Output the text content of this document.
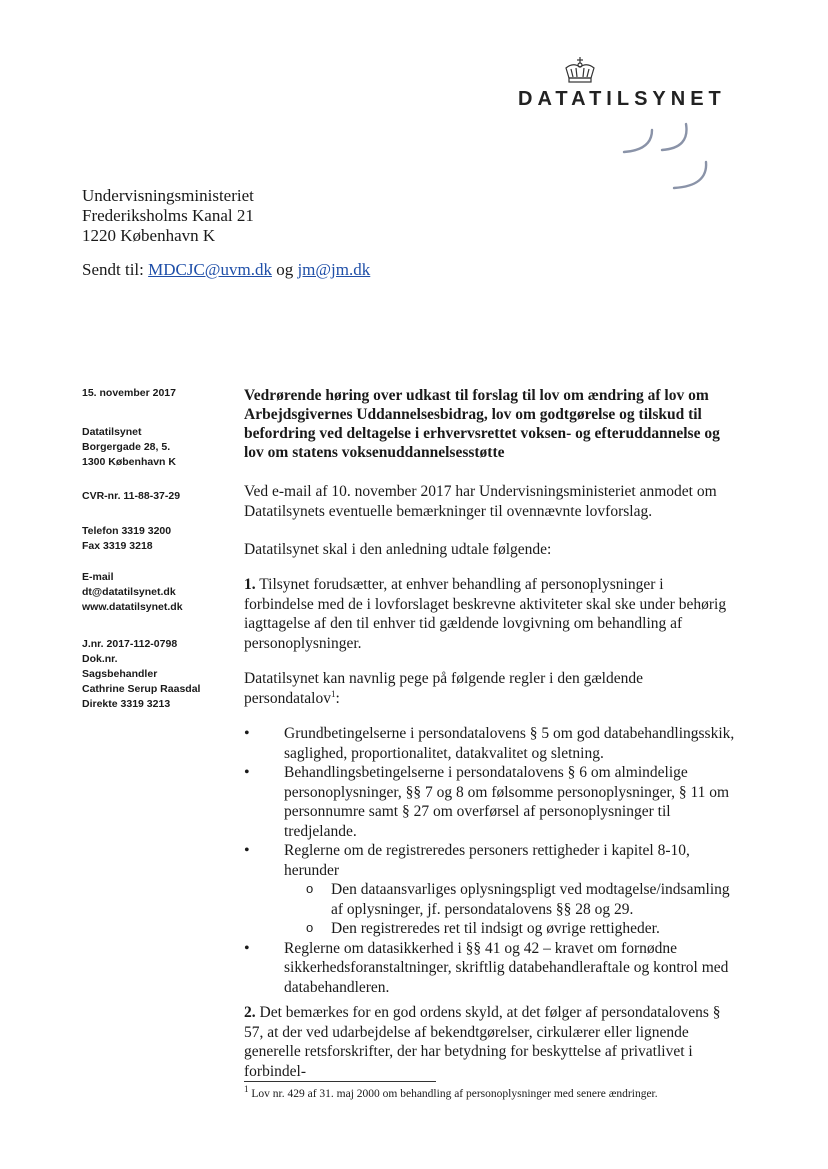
DATATILSYNET
Undervisningsministeriet
Frederiksholms Kanal 21
1220 København K
Sendt til: MDCJC@uvm.dk og jm@jm.dk
15. november 2017
Datatilsynet
Borgergade 28, 5.
1300 København K
CVR-nr. 11-88-37-29
Telefon 3319 3200
Fax 3319 3218
E-mail
dt@datatilsynet.dk
www.datatilsynet.dk
J.nr. 2017-112-0798
Dok.nr.
Sagsbehandler
Cathrine Serup Raasdal
Direkte 3319 3213
Vedrørende høring over udkast til forslag til lov om ændring af lov om Arbejdsgivernes Uddannelsesbidrag, lov om godtgørelse og tilskud til befordring ved deltagelse i erhvervsrettet voksen- og efteruddannelse og lov om statens voksenuddannelsesstøtte
Ved e-mail af 10. november 2017 har Undervisningsministeriet anmodet om Datatilsynets eventuelle bemærkninger til ovennævnte lovforslag.
Datatilsynet skal i den anledning udtale følgende:
1. Tilsynet forudsætter, at enhver behandling af personoplysninger i forbindelse med de i lovforslaget beskrevne aktiviteter skal ske under behørig iagttagelse af den til enhver tid gældende lovgivning om behandling af personoplysninger.
Datatilsynet kan navnlig pege på følgende regler i den gældende persondatalov$^1$:
• Grundbetingelserne i persondatalovens § 5 om god databehandlingsskik, saglighed, proportionalitet, datakvalitet og sletning.
• Behandlingsbetingelserne i persondatalovens § 6 om almindelige personoplysninger, §§ 7 og 8 om følsomme personoplysninger, § 11 om personnumre samt § 27 om overførsel af personoplysninger til tredjelande.
• Reglerne om de registreredes personers rettigheder i kapitel 8-10, herunder
o Den dataansvarliges oplysningspligt ved modtagelse/indsamling af oplysninger, jf. persondatalovens §§ 28 og 29.
o Den registreredes ret til indsigt og øvrige rettigheder.
• Reglerne om datasikkerhed i §§ 41 og 42 – kravet om fornødne sikkerhedsforanstaltninger, skriftlig databehandleraftale og kontrol med databehandleren.
2. Det bemærkes for en god ordens skyld, at det følger af persondatalovens § 57, at der ved udarbejdelse af bekendtgørelser, cirkulærer eller lignende generelle retsforskrifter, der har betydning for beskyttelse af privatlivet i forbindel-
$^1$ Lov nr. 429 af 31. maj 2000 om behandling af personoplysninger med senere ændringer.
